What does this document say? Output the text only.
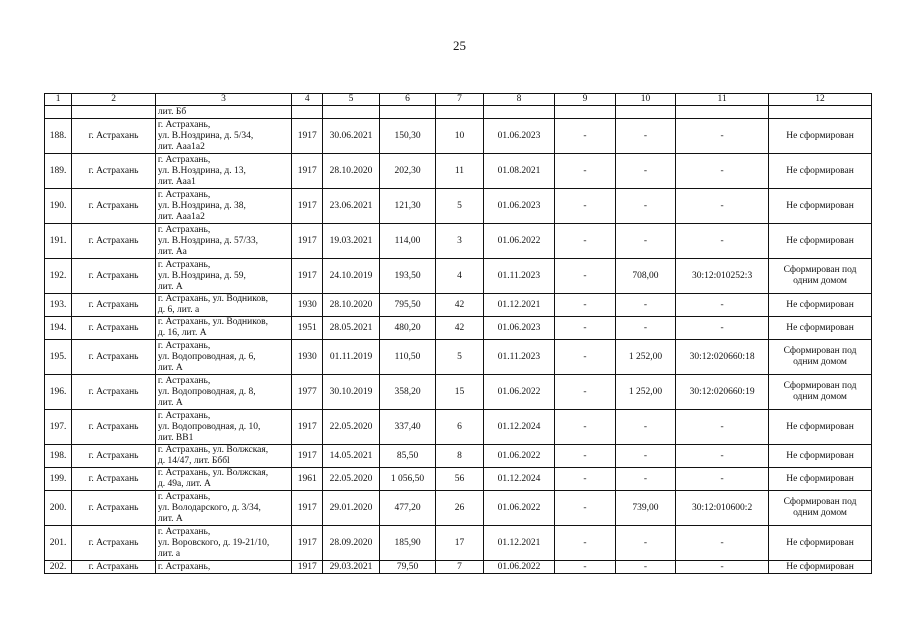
25
1	2	3	4	5	6	7	8	9	10	11	12
		лит. Бб									
188.	г. Астрахань	г. Астрахань,
ул. В.Ноздрина, д. 5/34,
лит. Ааа1а2	1917	30.06.2021	150,30	10	01.06.2023	-	-	-	Не сформирован
189.	г. Астрахань	г. Астрахань,
ул. В.Ноздрина, д. 13,
лит. Ааа1	1917	28.10.2020	202,30	11	01.08.2021	-	-	-	Не сформирован
190.	г. Астрахань	г. Астрахань,
ул. В.Ноздрина, д. 38,
лит. Ааа1а2	1917	23.06.2021	121,30	5	01.06.2023	-	-	-	Не сформирован
191.	г. Астрахань	г. Астрахань,
ул. В.Ноздрина, д. 57/33,
лит. Аа	1917	19.03.2021	114,00	3	01.06.2022	-	-	-	Не сформирован
192.	г. Астрахань	г. Астрахань,
ул. В.Ноздрина, д. 59,
лит. А	1917	24.10.2019	193,50	4	01.11.2023	-	708,00	30:12:010252:3	Сформирован под
одним домом
193.	г. Астрахань	г. Астрахань, ул. Водников,
д. 6, лит. а	1930	28.10.2020	795,50	42	01.12.2021	-	-	-	Не сформирован
194.	г. Астрахань	г. Астрахань, ул. Водников,
д. 16, лит. А	1951	28.05.2021	480,20	42	01.06.2023	-	-	-	Не сформирован
195.	г. Астрахань	г. Астрахань,
ул. Водопроводная, д. 6,
лит. А	1930	01.11.2019	110,50	5	01.11.2023	-	1 252,00	30:12:020660:18	Сформирован под
одним домом
196.	г. Астрахань	г. Астрахань,
ул. Водопроводная, д. 8,
лит. А	1977	30.10.2019	358,20	15	01.06.2022	-	1 252,00	30:12:020660:19	Сформирован под
одним домом
197.	г. Астрахань	г. Астрахань,
ул. Водопроводная, д. 10,
лит. ВВ1	1917	22.05.2020	337,40	6	01.12.2024	-	-	-	Не сформирован
198.	г. Астрахань	г. Астрахань, ул. Волжская,
д. 14/47, лит. Бббl	1917	14.05.2021	85,50	8	01.06.2022	-	-	-	Не сформирован
199.	г. Астрахань	г. Астрахань, ул. Волжская,
д. 49а, лит. А	1961	22.05.2020	1 056,50	56	01.12.2024	-	-	-	Не сформирован
200.	г. Астрахань	г. Астрахань,
ул. Володарского, д. 3/34,
лит. А	1917	29.01.2020	477,20	26	01.06.2022	-	739,00	30:12:010600:2	Сформирован под
одним домом
201.	г. Астрахань	г. Астрахань,
ул. Воровского, д. 19-21/10,
лит. а	1917	28.09.2020	185,90	17	01.12.2021	-	-	-	Не сформирован
202.	г. Астрахань	г. Астрахань,	1917	29.03.2021	79,50	7	01.06.2022	-	-	-	Не сформирован
